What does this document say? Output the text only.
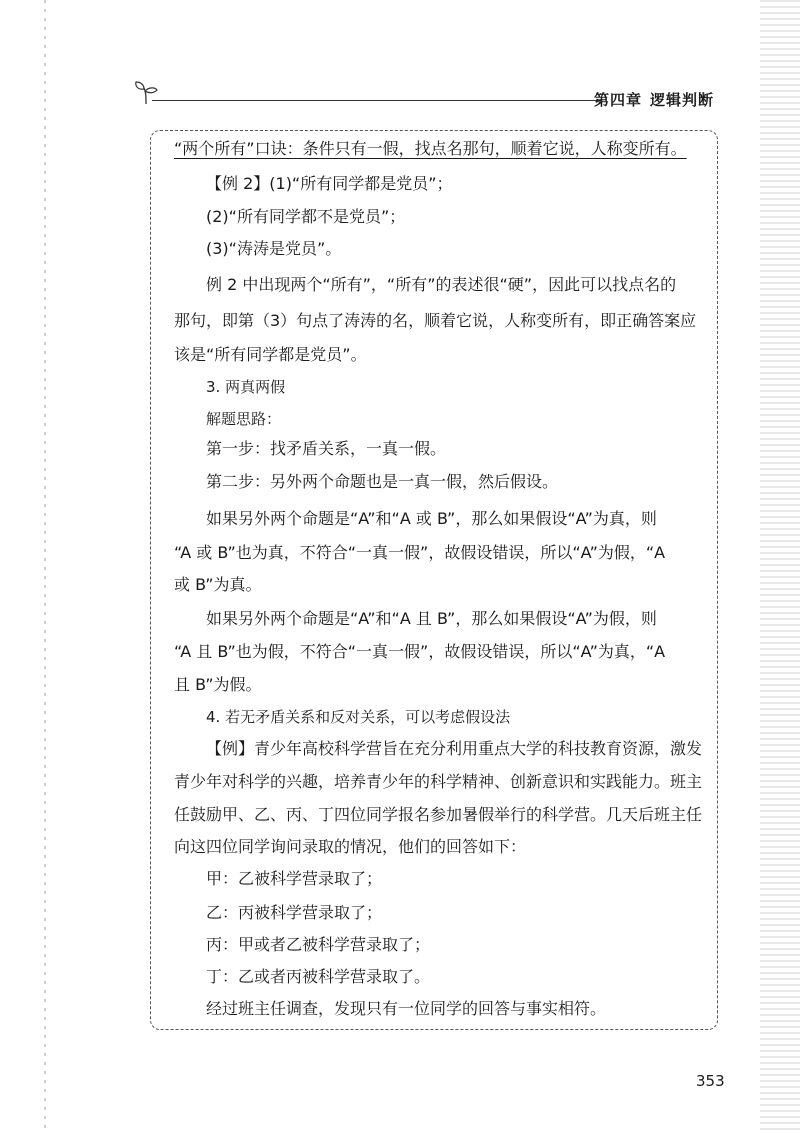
第四章 逻辑判断
“两个所有”口诀：条件只有一假，找点名那句，顺着它说，人称变所有。
【例 2】(1)“所有同学都是党员”；
(2)“所有同学都不是党员”；
(3)“涛涛是党员”。
例 2 中出现两个“所有”，“所有”的表述很“硬”，因此可以找点名的
那句，即第（3）句点了涛涛的名，顺着它说，人称变所有，即正确答案应
该是“所有同学都是党员”。
3. 两真两假
解题思路：
第一步：找矛盾关系，一真一假。
第二步：另外两个命题也是一真一假，然后假设。
如果另外两个命题是“A”和“A 或 B”，那么如果假设“A”为真，则
“A 或 B”也为真，不符合“一真一假”，故假设错误，所以“A”为假，“A
或 B”为真。
如果另外两个命题是“A”和“A 且 B”，那么如果假设“A”为假，则
“A 且 B”也为假，不符合“一真一假”，故假设错误，所以“A”为真，“A
且 B”为假。
4. 若无矛盾关系和反对关系，可以考虑假设法
【例】青少年高校科学营旨在充分利用重点大学的科技教育资源，激发
青少年对科学的兴趣，培养青少年的科学精神、创新意识和实践能力。班主
任鼓励甲、乙、丙、丁四位同学报名参加暑假举行的科学营。几天后班主任
向这四位同学询问录取的情况，他们的回答如下：
甲：乙被科学营录取了；
乙：丙被科学营录取了；
丙：甲或者乙被科学营录取了；
丁：乙或者丙被科学营录取了。
经过班主任调查，发现只有一位同学的回答与事实相符。
353
